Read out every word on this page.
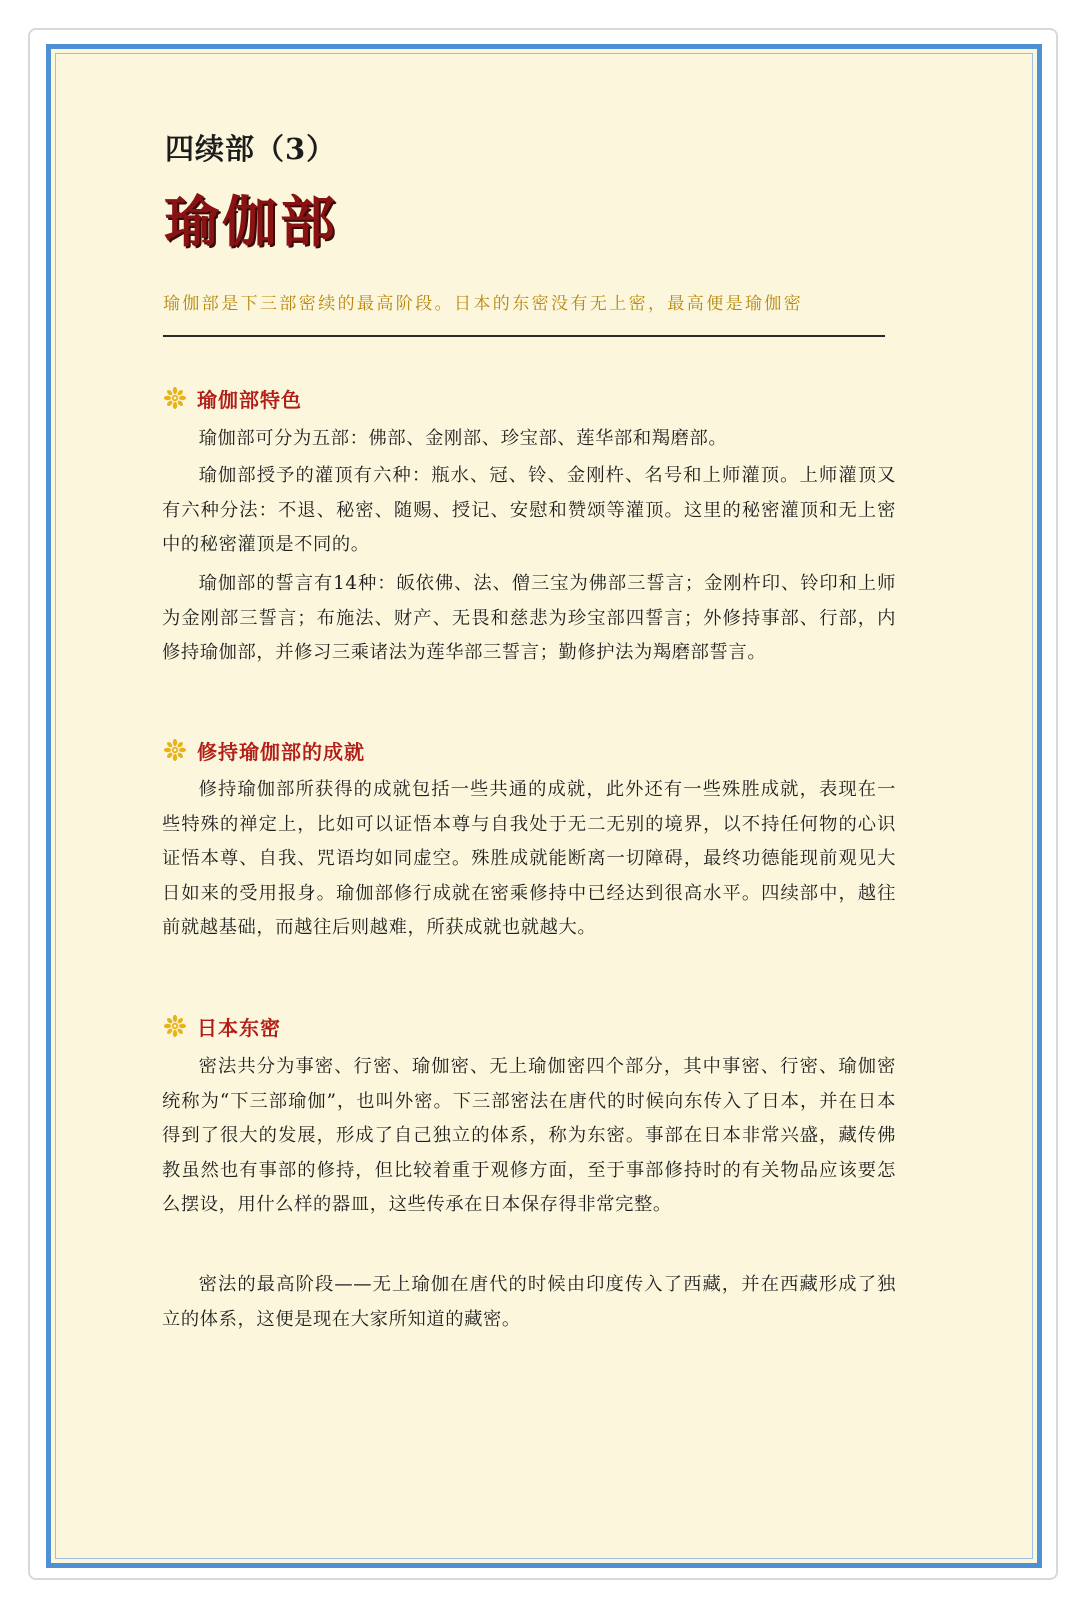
四续部（3）
瑜伽部
瑜伽部是下三部密续的最高阶段。日本的东密没有无上密，最高便是瑜伽密
瑜伽部特色

瑜伽部可分为五部：佛部、金刚部、珍宝部、莲华部和羯磨部。

瑜伽部授予的灌顶有六种：瓶水、冠、铃、金刚杵、名号和上师灌顶。上师灌顶又有六种分法：不退、秘密、随赐、授记、安慰和赞颂等灌顶。这里的秘密灌顶和无上密中的秘密灌顶是不同的。

瑜伽部的誓言有14种：皈依佛、法、僧三宝为佛部三誓言；金刚杵印、铃印和上师为金刚部三誓言；布施法、财产、无畏和慈悲为珍宝部四誓言；外修持事部、行部，内修持瑜伽部，并修习三乘诸法为莲华部三誓言；勤修护法为羯磨部誓言。

修持瑜伽部的成就

修持瑜伽部所获得的成就包括一些共通的成就，此外还有一些殊胜成就，表现在一些特殊的禅定上，比如可以证悟本尊与自我处于无二无别的境界，以不持任何物的心识证悟本尊、自我、咒语均如同虚空。殊胜成就能断离一切障碍，最终功德能现前观见大日如来的受用报身。瑜伽部修行成就在密乘修持中已经达到很高水平。四续部中，越往前就越基础，而越往后则越难，所获成就也就越大。

日本东密

密法共分为事密、行密、瑜伽密、无上瑜伽密四个部分，其中事密、行密、瑜伽密统称为“下三部瑜伽”，也叫外密。下三部密法在唐代的时候向东传入了日本，并在日本得到了很大的发展，形成了自己独立的体系，称为东密。事部在日本非常兴盛，藏传佛教虽然也有事部的修持，但比较着重于观修方面，至于事部修持时的有关物品应该要怎么摆设，用什么样的器皿，这些传承在日本保存得非常完整。

密法的最高阶段——无上瑜伽在唐代的时候由印度传入了西藏，并在西藏形成了独立的体系，这便是现在大家所知道的藏密。
